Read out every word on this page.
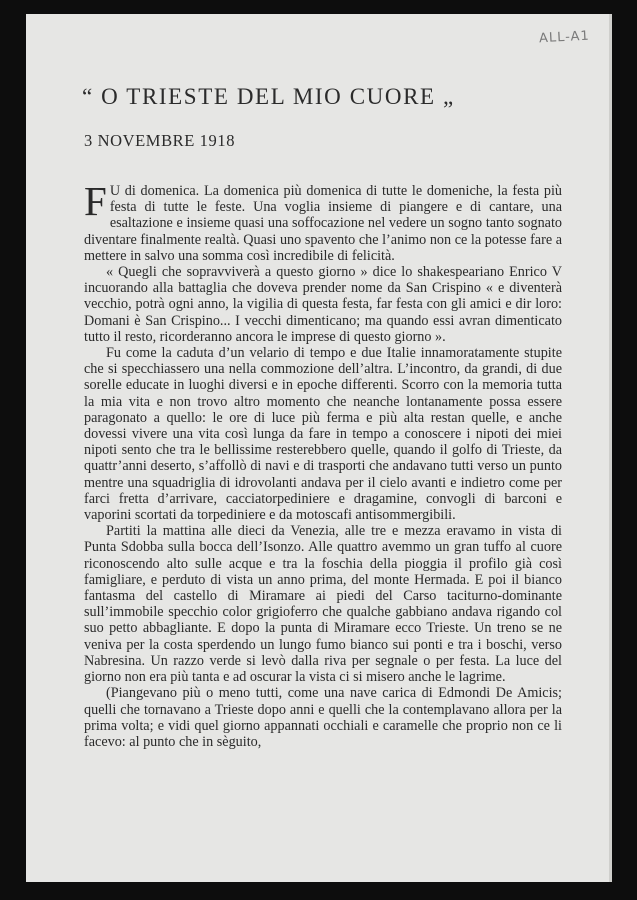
ALL-A1
“ O TRIESTE DEL MIO CUORE „
3 NOVEMBRE 1918

F U di domenica. La domenica più domenica di tutte le domeniche, la festa più festa di tutte le feste. Una voglia insieme di piangere e di cantare, una esaltazione e insieme quasi una soffocazione nel vedere un sogno tanto sognato diventare finalmente realtà. Quasi uno spavento che l’animo non ce la potesse fare a mettere in salvo una somma così incredibile di felicità.

« Quegli che sopravviverà a questo giorno » dice lo shakespeariano Enrico V incuorando alla battaglia che doveva prender nome da San Crispino « e diventerà vecchio, potrà ogni anno, la vigilia di questa festa, far festa con gli amici e dir loro: Domani è San Crispino... I vecchi dimenticano; ma quando essi avran dimenticato tutto il resto, ricorderanno ancora le imprese di questo giorno ».

Fu come la caduta d’un velario di tempo e due Italie innamoratamente stupite che si specchiassero una nella commozione dell’altra. L’incontro, da grandi, di due sorelle educate in luoghi diversi e in epoche differenti. Scorro con la memoria tutta la mia vita e non trovo altro momento che neanche lontanamente possa essere paragonato a quello: le ore di luce più ferma e più alta restan quelle, e anche dovessi vivere una vita così lunga da fare in tempo a conoscere i nipoti dei miei nipoti sento che tra le bellissime resterebbero quelle, quando il golfo di Trieste, da quattr’anni deserto, s’affollò di navi e di trasporti che andavano tutti verso un punto mentre una squadriglia di idrovolanti andava per il cielo avanti e indietro come per farci fretta d’arrivare, cacciatorpediniere e dragamine, convogli di barconi e vaporini scortati da torpediniere e da motoscafi antisommergibili.

Partiti la mattina alle dieci da Venezia, alle tre e mezza eravamo in vista di Punta Sdobba sulla bocca dell’Isonzo. Alle quattro avemmo un gran tuffo al cuore riconoscendo alto sulle acque e tra la foschia della pioggia il profilo già così famigliare, e perduto di vista un anno prima, del monte Hermada. E poi il bianco fantasma del castello di Miramare ai piedi del Carso taciturno-dominante sull’immobile specchio color grigioferro che qualche gabbiano andava rigando col suo petto abbagliante. E dopo la punta di Miramare ecco Trieste. Un treno se ne veniva per la costa sperdendo un lungo fumo bianco sui ponti e tra i boschi, verso Nabresina. Un razzo verde si levò dalla riva per segnale o per festa. La luce del giorno non era più tanta e ad oscurar la vista ci si misero anche le lagrime.

(Piangevano più o meno tutti, come una nave carica di Edmondi De Amicis; quelli che tornavano a Trieste dopo anni e quelli che la contemplavano allora per la prima volta; e vidi quel giorno appannati occhiali e caramelle che proprio non ce li facevo: al punto che in sèguito,
